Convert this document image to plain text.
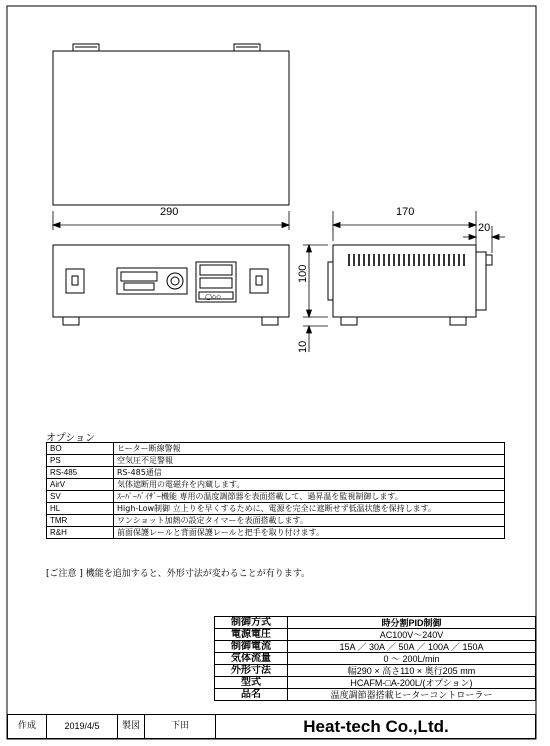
◯◇◇
290	170
20
100
10
オプション
BO	ヒーター断線警報
PS	空気圧不足警報
RS-485	RS-485通信
AirV	気体遮断用の電磁弁を内蔵します。
SV	ｽｰﾊﾟｰﾊﾞｲｻﾞｰ機能 専用の温度調節器を表面搭載して、過昇温を監視制御します。
HL	High-Low制御 立上りを早くするために、電源を完全に遮断せず低温状態を保持します。
TMR	ワンショット加熱の設定タイマーを表面搭載します。
R&H	前面保護レールと背面保護レールと把手を取り付けます。
[ご注意 ] 機能を追加すると、外形寸法が変わることが有ります。
制御方式	時分割PID制御
電源電圧	AC100V～240V
制御電流	15A ／ 30A ／ 50A ／ 100A ／ 150A
気体流量	0 ～ 200L/min
外形寸法	幅290 × 高さ110 × 奥行205 mm
型式	HCAFM-□A-200L/(オプション)
品名	温度調節器搭載ヒーターコントローラー
作成	2019/4/5	製図	下田	Heat-tech Co.,Ltd.
